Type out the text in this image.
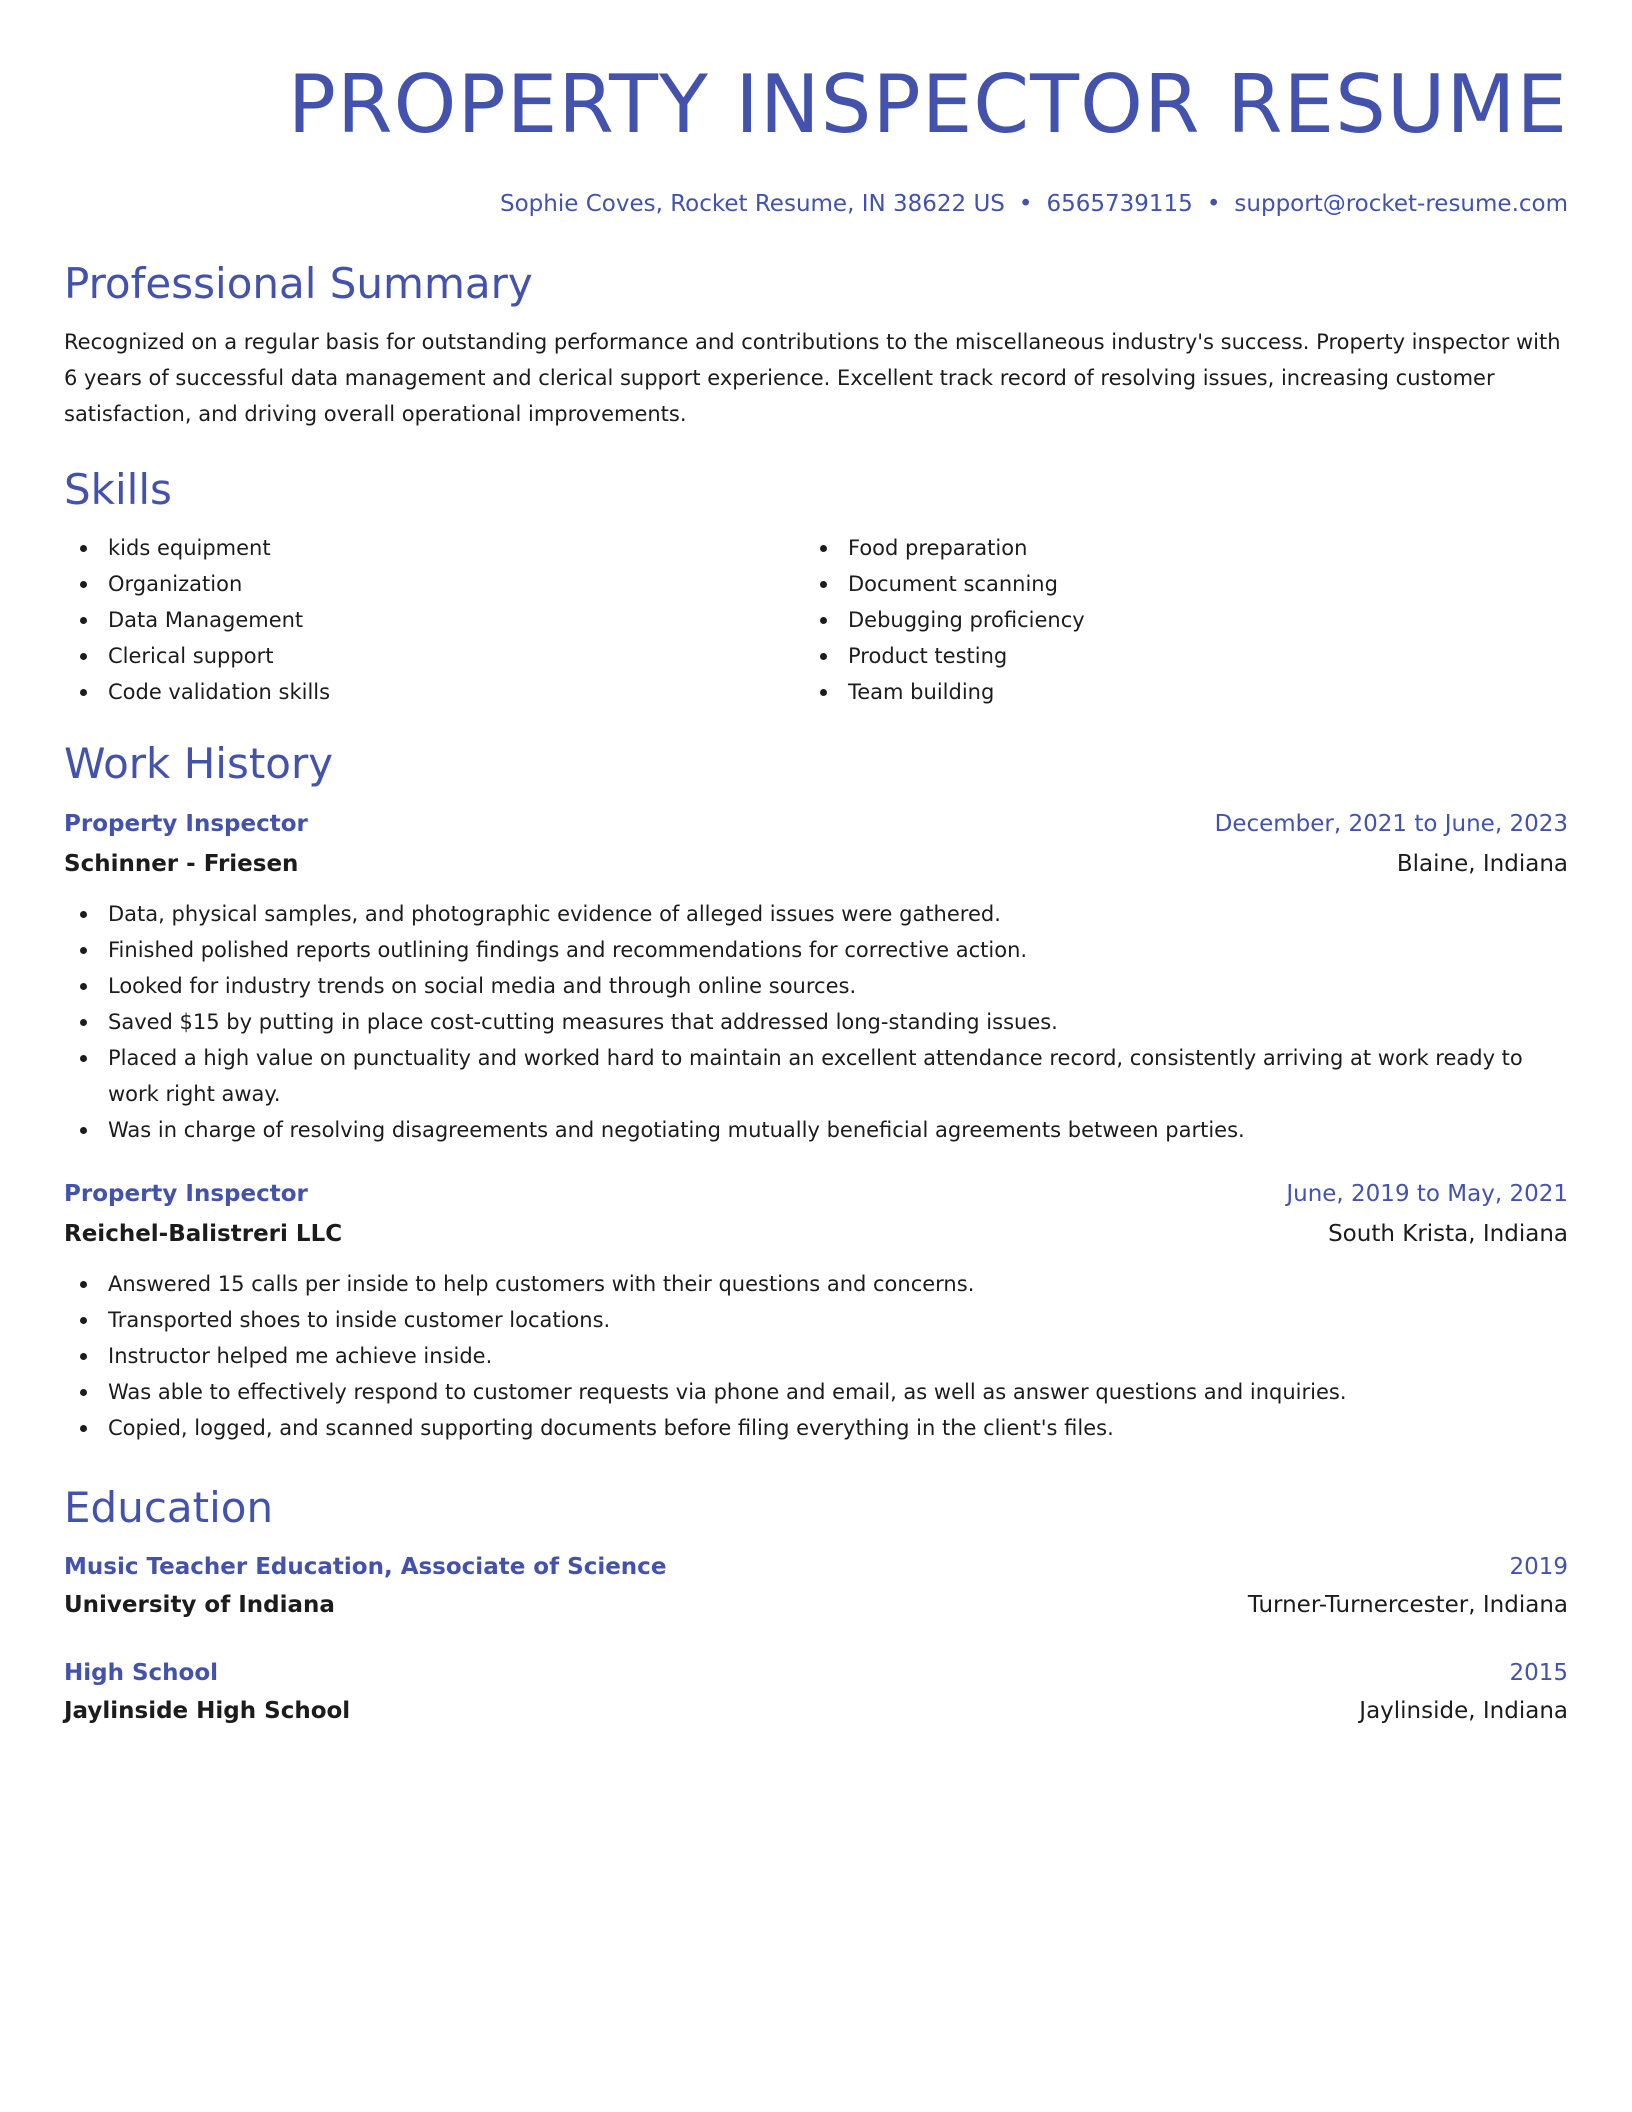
PROPERTY INSPECTOR RESUME
Sophie Coves, Rocket Resume, IN 38622 US • 6565739115 • support@rocket-resume.com
Professional Summary
Recognized on a regular basis for outstanding performance and contributions to the miscellaneous industry's success. Property inspector with 6 years of successful data management and clerical support experience. Excellent track record of resolving issues, increasing customer satisfaction, and driving overall operational improvements.
Skills
kids equipment
Organization
Data Management
Clerical support
Code validation skills
Food preparation
Document scanning
Debugging proficiency
Product testing
Team building
Work History
Property Inspector	December, 2021 to June, 2023
Schinner - Friesen	Blaine, Indiana
Data, physical samples, and photographic evidence of alleged issues were gathered.
Finished polished reports outlining findings and recommendations for corrective action.
Looked for industry trends on social media and through online sources.
Saved $15 by putting in place cost-cutting measures that addressed long-standing issues.
Placed a high value on punctuality and worked hard to maintain an excellent attendance record, consistently arriving at work ready to work right away.
Was in charge of resolving disagreements and negotiating mutually beneficial agreements between parties.
Property Inspector	June, 2019 to May, 2021
Reichel-Balistreri LLC	South Krista, Indiana
Answered 15 calls per inside to help customers with their questions and concerns.
Transported shoes to inside customer locations.
Instructor helped me achieve inside.
Was able to effectively respond to customer requests via phone and email, as well as answer questions and inquiries.
Copied, logged, and scanned supporting documents before filing everything in the client's files.
Education
Music Teacher Education, Associate of Science	2019
University of Indiana	Turner-Turnercester, Indiana
High School	2015
Jaylinside High School	Jaylinside, Indiana
